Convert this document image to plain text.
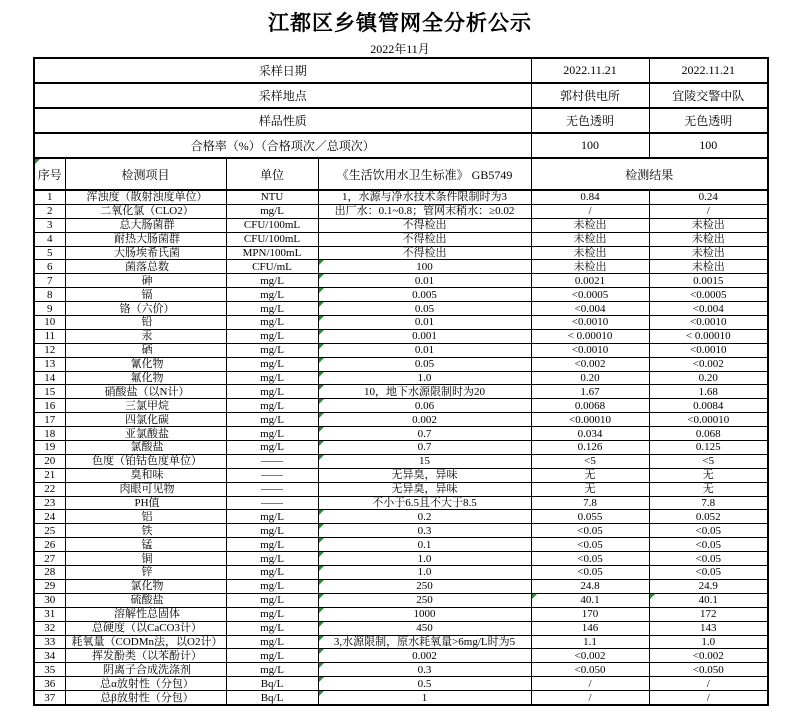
江都区乡镇管网全分析公示
2022年11月
采样日期				2022.11.21	2022.11.21
采样地点				郭村供电所	宜陵交警中队
样品性质				无色透明	无色透明
合格率（%）（合格项次／总项次）				100	100

序号	检测项目	单位	《生活饮用水卫生标准》 GB5749	检测结果	
1	浑浊度（散射浊度单位）	NTU	1，水源与净水技术条件限制时为3	0.84	0.24
2	二氧化氯（CLO2）	mg/L	出厂水：0.1~0.8；管网末稍水：≥0.02	/	/
3	总大肠菌群	CFU/100mL	不得检出	未检出	未检出
4	耐热大肠菌群	CFU/100mL	不得检出	未检出	未检出
5	大肠埃希氏菌	MPN/100mL	不得检出	未检出	未检出
6	菌落总数	CFU/mL	100	未检出	未检出
7	砷	mg/L	0.01	0.0021	0.0015
8	镉	mg/L	0.005	<0.0005	<0.0005
9	铬（六价）	mg/L	0.05	<0.004	<0.004
10	铅	mg/L	0.01	<0.0010	<0.0010
11	汞	mg/L	0.001	< 0.00010	< 0.00010
12	硒	mg/L	0.01	<0.0010	<0.0010
13	氰化物	mg/L	0.05	<0.002	<0.002
14	氟化物	mg/L	1.0	0.20	0.20
15	硝酸盐（以N计）	mg/L	10，地下水源限制时为20	1.67	1.68
16	三氯甲烷	mg/L	0.06	0.0068	0.0084
17	四氯化碳	mg/L	0.002	<0.00010	<0.00010
18	亚氯酸盐	mg/L	0.7	0.034	0.068
19	氯酸盐	mg/L	0.7	0.126	0.125
20	色度（铂钴色度单位）	——	15	<5	<5
21	臭和味	——	无异臭，异味	无	无
22	肉眼可见物	——	无异臭，异味	无	无
23	PH值	——	不小于6.5且不大于8.5	7.8	7.8
24	铝	mg/L	0.2	0.055	0.052
25	铁	mg/L	0.3	<0.05	<0.05
26	锰	mg/L	0.1	<0.05	<0.05
27	铜	mg/L	1.0	<0.05	<0.05
28	锌	mg/L	1.0	<0.05	<0.05
29	氯化物	mg/L	250	24.8	24.9
30	硫酸盐	mg/L	250	40.1	40.1
31	溶解性总固体	mg/L	1000	170	172
32	总硬度（以CaCO3计）	mg/L	450	146	143
33	耗氧量（CODMn法，以O2计）	mg/L	3,水源限制，原水耗氧量>6mg/L时为5	1.1	1.0
34	挥发酚类（以苯酚计）	mg/L	0.002	<0.002	<0.002
35	阴离子合成洗涤剂	mg/L	0.3	<0.050	<0.050
36	总α放射性（分包）	Bq/L	0.5	/	/
37	总β放射性（分包）	Bq/L	1	/	/
